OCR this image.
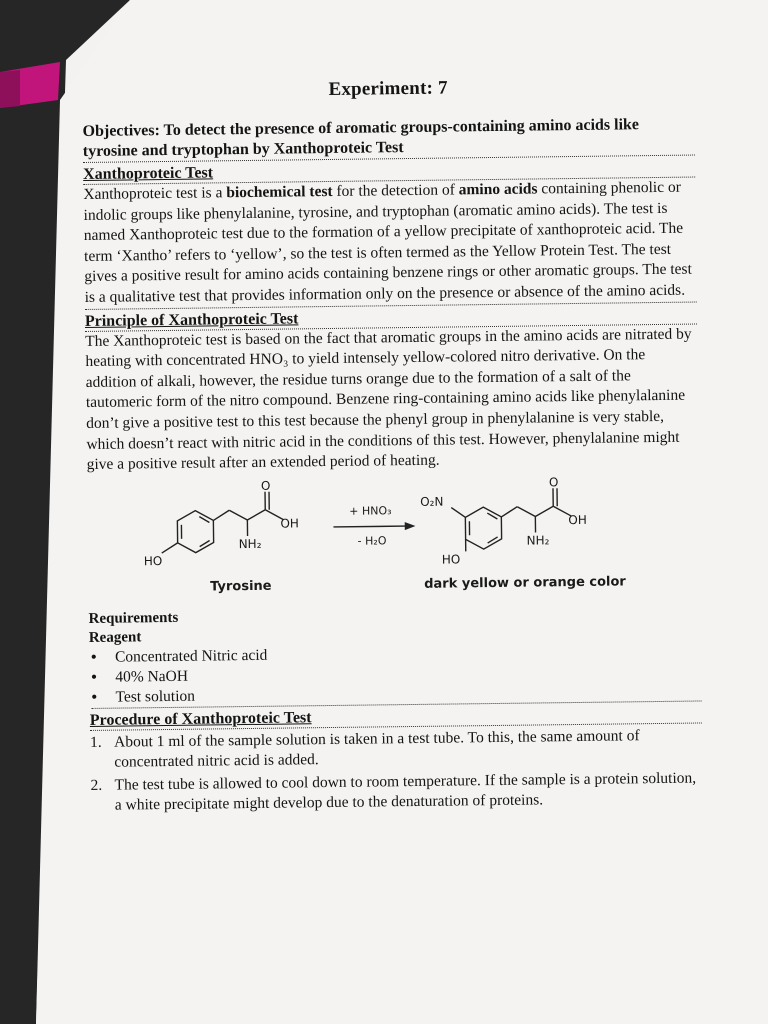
Experiment: 7

Objectives: To detect the presence of aromatic groups-containing amino acids like tyrosine and tryptophan by Xanthoproteic Test

Xanthoproteic Test

Xanthoproteic test is a biochemical test for the detection of amino acids containing phenolic or indolic groups like phenylalanine, tyrosine, and tryptophan (aromatic amino acids). The test is named Xanthoproteic test due to the formation of a yellow precipitate of xanthoproteic acid. The term ‘Xantho’ refers to ‘yellow’, so the test is often termed as the Yellow Protein Test. The test gives a positive result for amino acids containing benzene rings or other aromatic groups. The test is a qualitative test that provides information only on the presence or absence of the amino acids.

Principle of Xanthoproteic Test

The Xanthoproteic test is based on the fact that aromatic groups in the amino acids are nitrated by heating with concentrated HNO₃ to yield intensely yellow-colored nitro derivative. On the addition of alkali, however, the residue turns orange due to the formation of a salt of the tautomeric form of the nitro compound. Benzene ring-containing amino acids like phenylalanine don’t give a positive test to this test because the phenyl group in phenylalanine is very stable, which doesn’t react with nitric acid in the conditions of this test. However, phenylalanine might give a positive result after an extended period of heating.

O
OH
NH₂
HO
+ HNO₃
- H₂O
O₂N
O
OH
NH₂
HO
Tyrosine	dark yellow or orange color
Requirements
Reagent
• Concentrated Nitric acid
• 40% NaOH
• Test solution
Procedure of Xanthoproteic Test
1. About 1 ml of the sample solution is taken in a test tube. To this, the same amount of concentrated nitric acid is added.
2. The test tube is allowed to cool down to room temperature. If the sample is a protein solution, a white precipitate might develop due to the denaturation of proteins.
